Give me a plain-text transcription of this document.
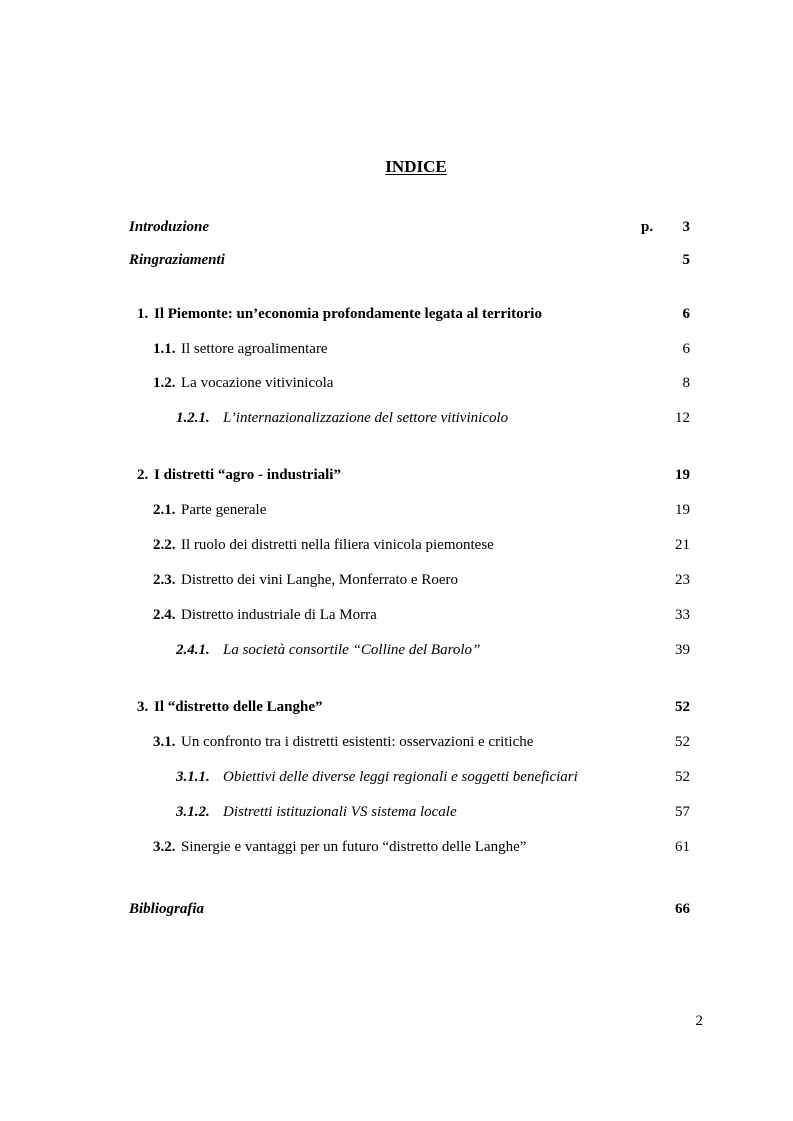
INDICE
Introduzione	p. 3
Ringraziamenti	5
1. Il Piemonte: un’economia profondamente legata al territorio	6
1.1. Il settore agroalimentare	6
1.2. La vocazione vitivinicola	8
1.2.1. L’internazionalizzazione del settore vitivinicolo	12
2. I distretti “agro - industriali”	19
2.1. Parte generale	19
2.2. Il ruolo dei distretti nella filiera vinicola piemontese	21
2.3. Distretto dei vini Langhe, Monferrato e Roero	23
2.4. Distretto industriale di La Morra	33
2.4.1. La società consortile “Colline del Barolo”	39
3. Il “distretto delle Langhe”	52
3.1. Un confronto tra i distretti esistenti: osservazioni e critiche	52
3.1.1. Obiettivi delle diverse leggi regionali e soggetti beneficiari	52
3.1.2. Distretti istituzionali VS sistema locale	57
3.2. Sinergie e vantaggi per un futuro “distretto delle Langhe”	61
Bibliografia	66
2
